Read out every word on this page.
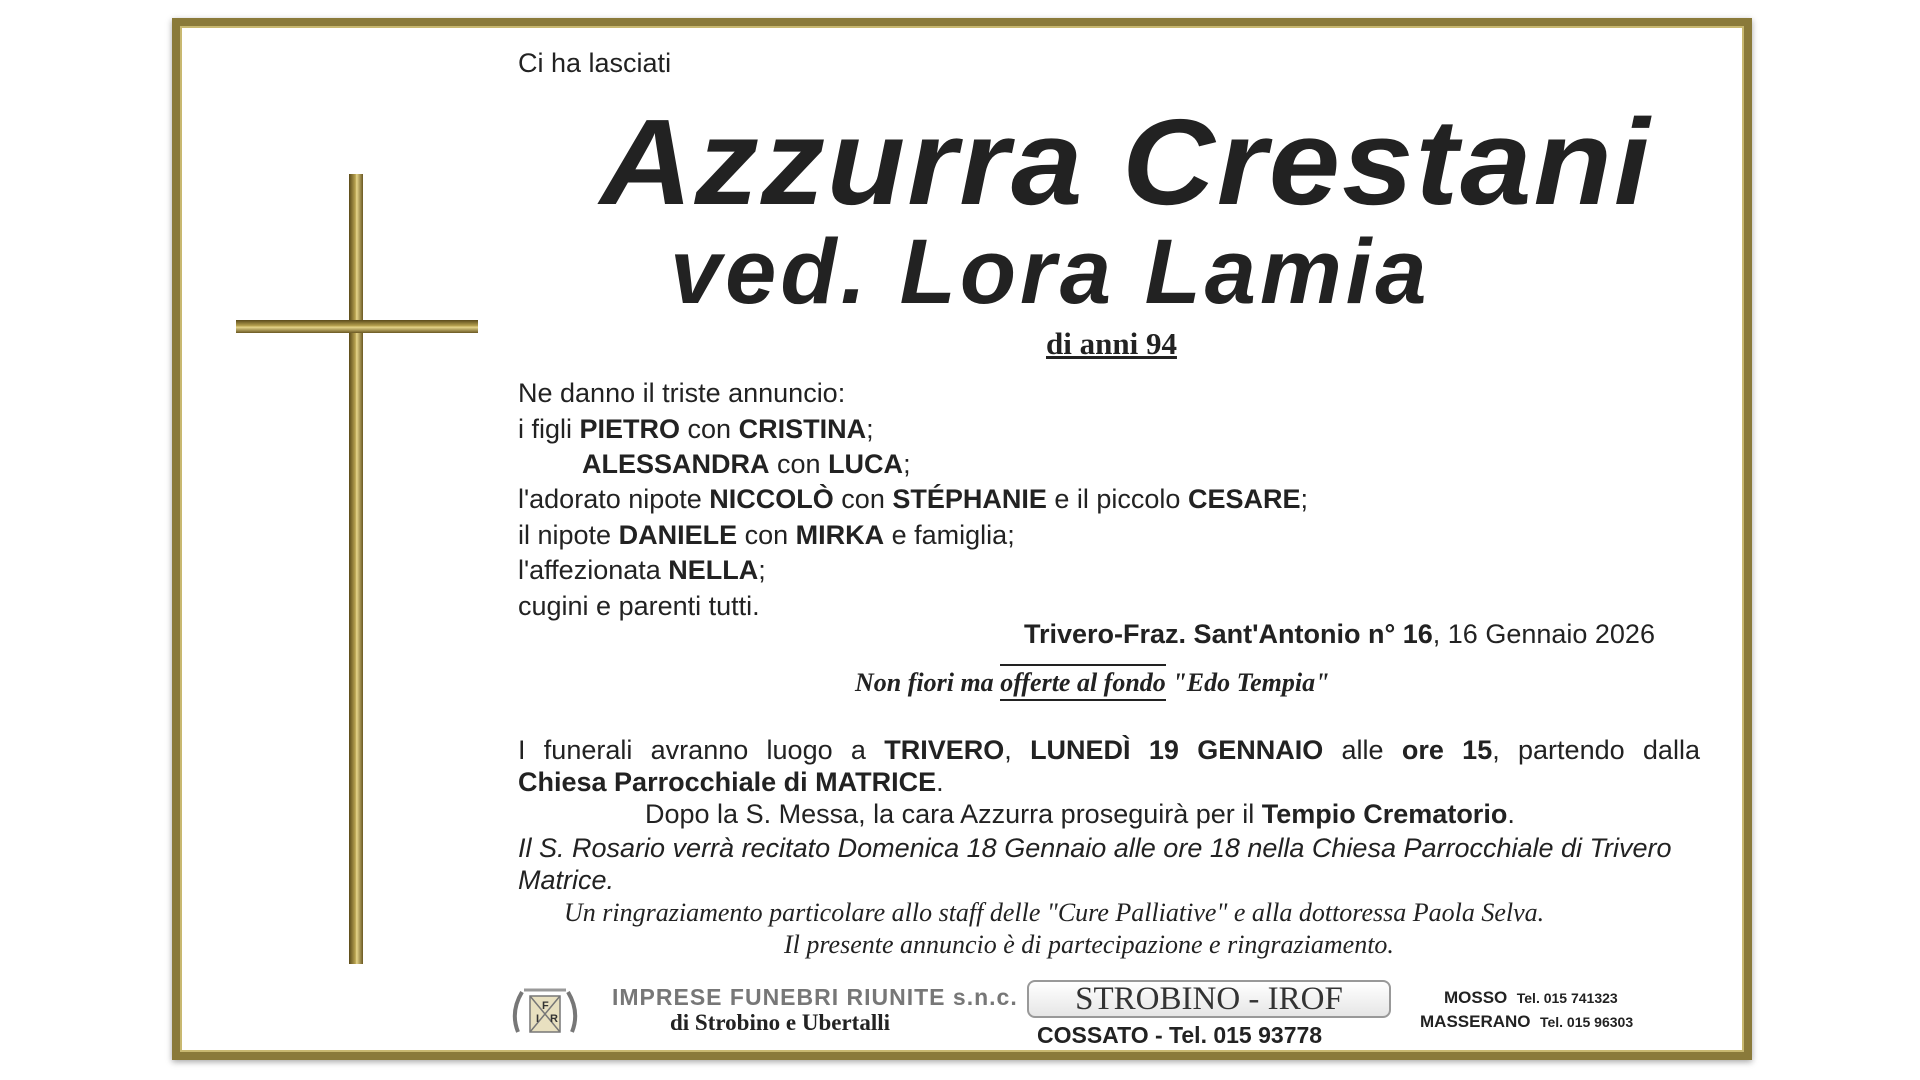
Ci ha lasciati
Azzurra Crestani
ved. Lora Lamia
di anni 94
Ne danno il triste annuncio:
i figli PIETRO con CRISTINA;
ALESSANDRA con LUCA;
l'adorato nipote NICCOLÒ con STÉPHANIE e il piccolo CESARE;
il nipote DANIELE con MIRKA e famiglia;
l'affezionata NELLA;
cugini e parenti tutti.
Trivero-Fraz. Sant'Antonio n° 16, 16 Gennaio 2026
Non fiori ma offerte al fondo "Edo Tempia"
I funerali avranno luogo a TRIVERO, LUNEDÌ 19 GENNAIO alle ore 15, partendo dalla
Chiesa Parrocchiale di MATRICE.
Dopo la S. Messa, la cara Azzurra proseguirà per il Tempio Crematorio.
Il S. Rosario verrà recitato Domenica 18 Gennaio alle ore 18 nella Chiesa Parrocchiale di Trivero Matrice.
Un ringraziamento particolare allo staff delle "Cure Palliative" e alla dottoressa Paola Selva.
Il presente annuncio è di partecipazione e ringraziamento.
I
F
R
IMPRESE FUNEBRI RIUNITE s.n.c.
di Strobino e Ubertalli
STROBINO - IROF
COSSATO - Tel. 015 93778
MOSSO Tel. 015 741323
MASSERANO Tel. 015 96303
